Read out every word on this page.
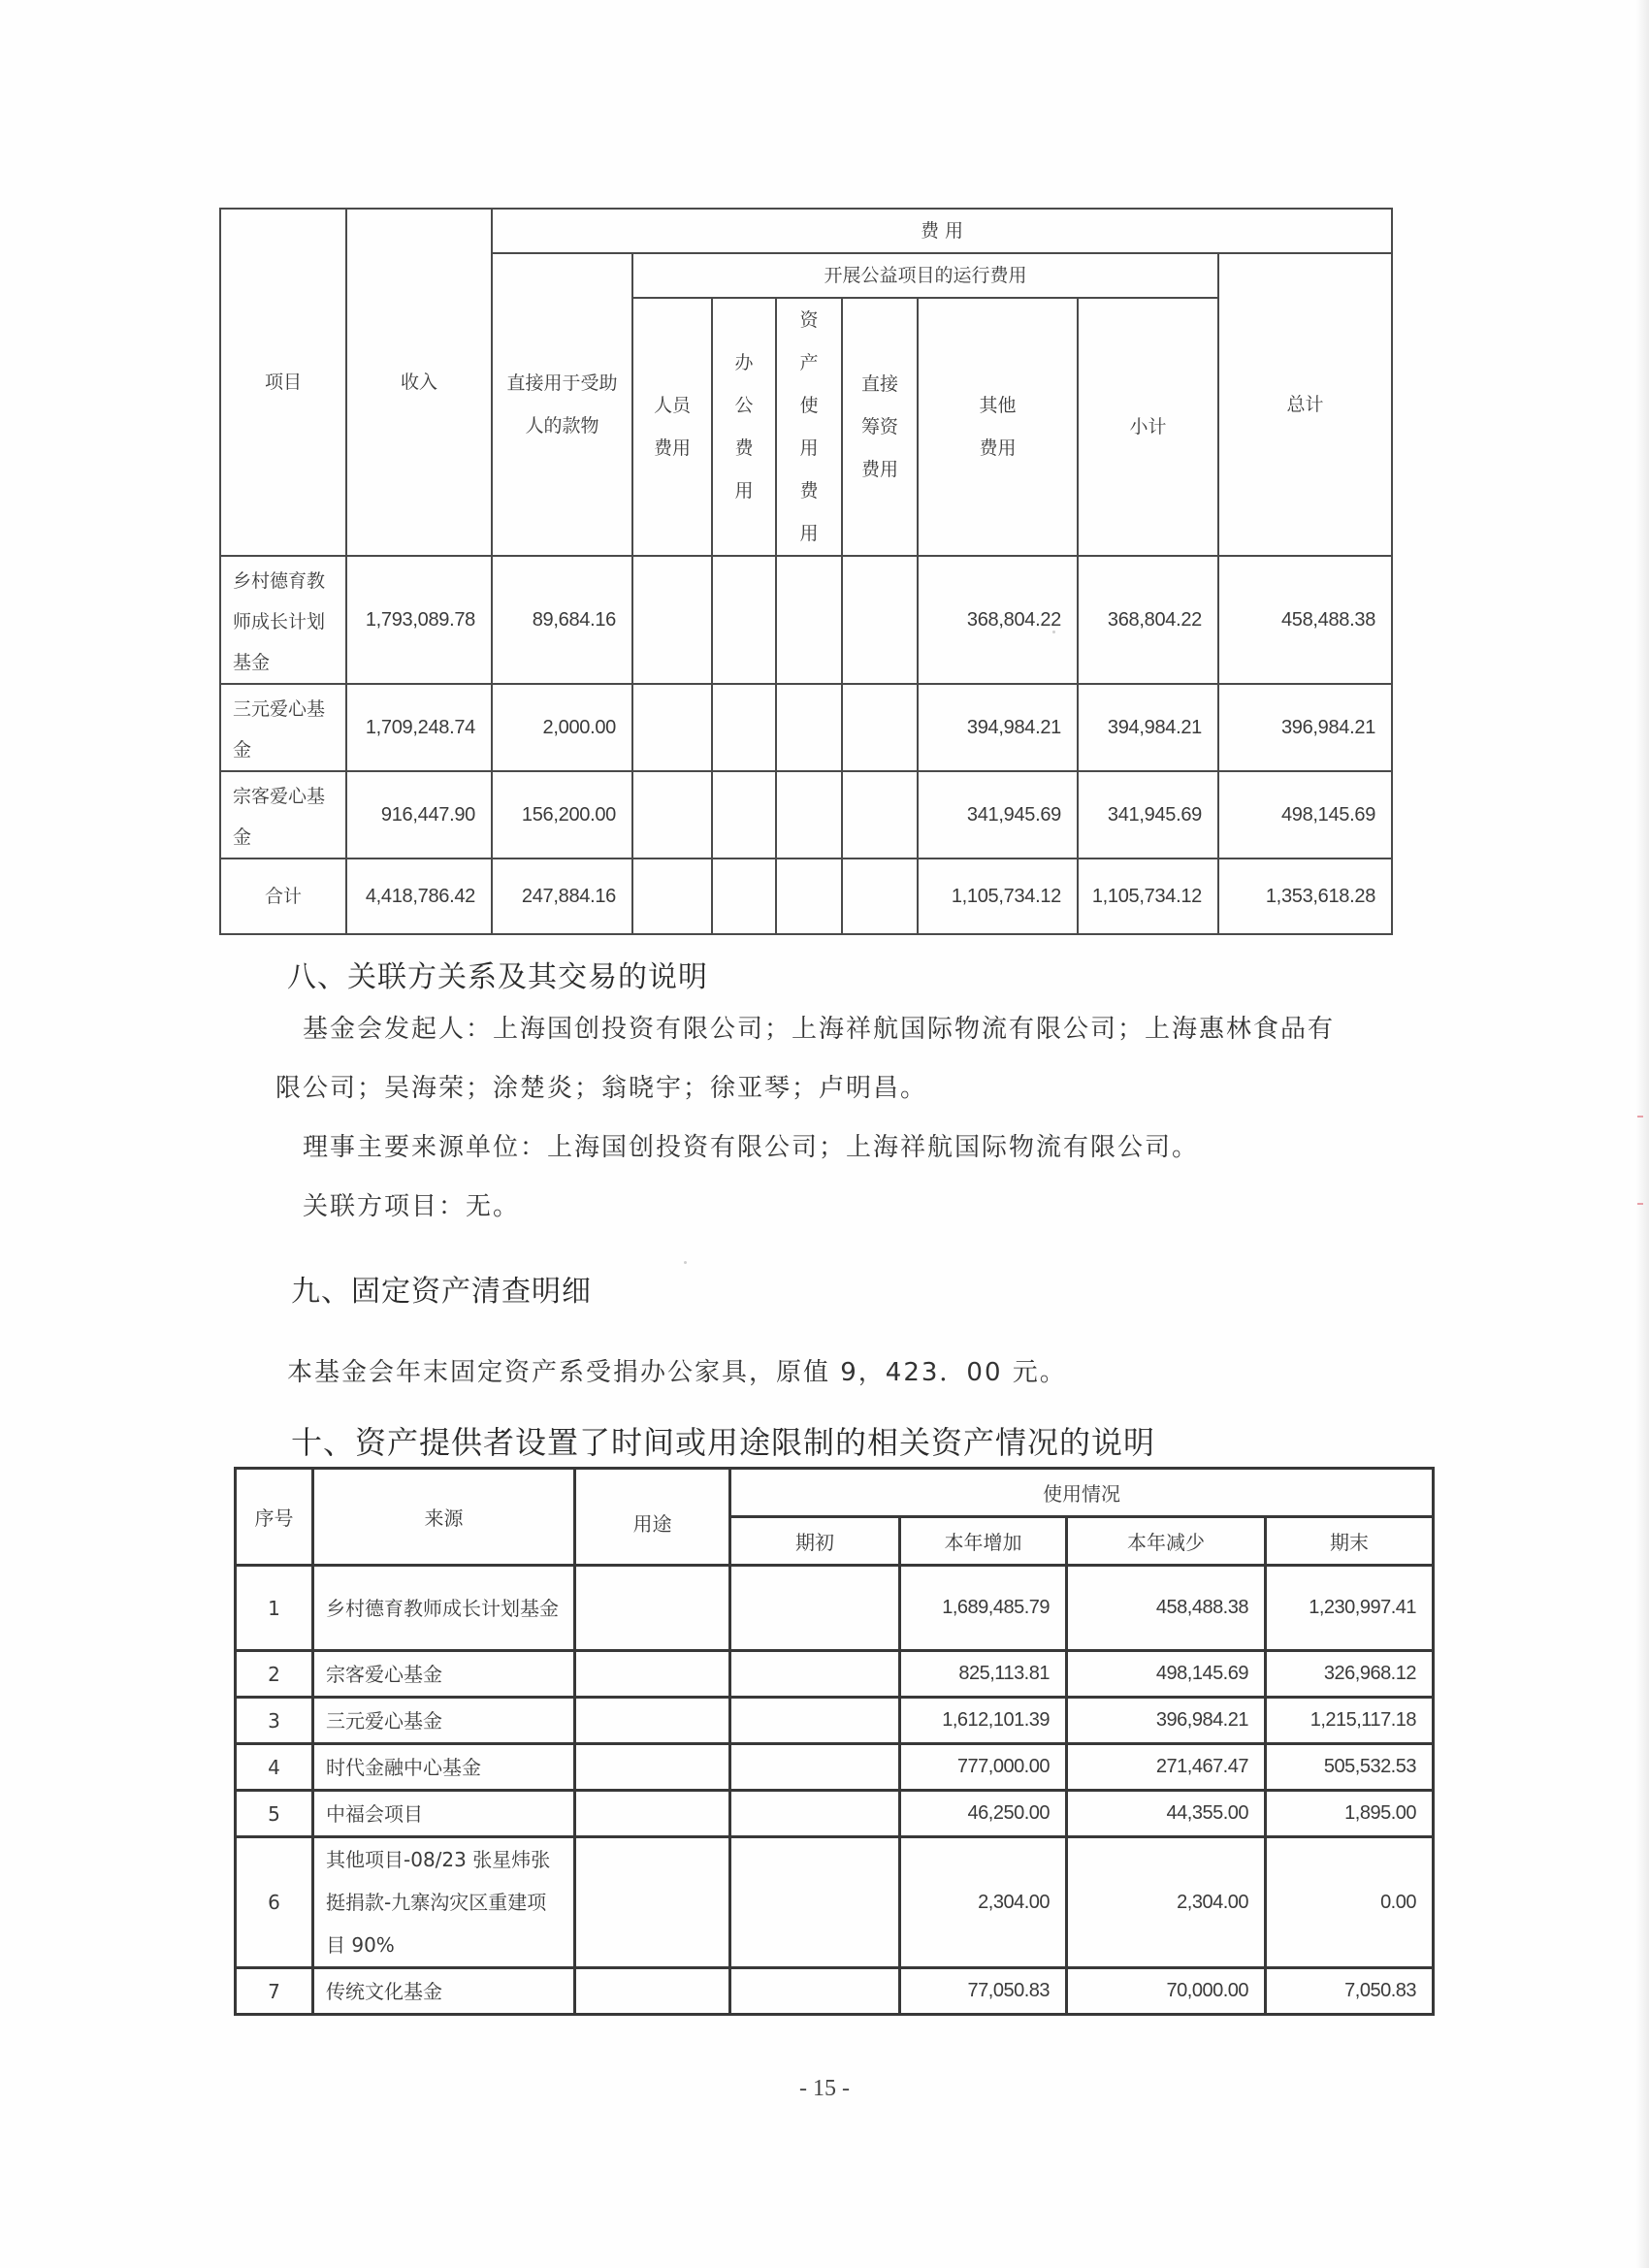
项目	收入	费 用							
		直接用于受助人的款物	开展公益项目的运行费用						总计
			人员费用	办公费用	资产使用费用	直接筹资费用	其他费用	小计	
乡村德育教师成长计划基金	1,793,089.78	89,684.16					368,804.22	368,804.22	458,488.38
三元爱心基金	1,709,248.74	2,000.00					394,984.21	394,984.21	396,984.21
宗客爱心基金	916,447.90	156,200.00					341,945.69	341,945.69	498,145.69
合计	4,418,786.42	247,884.16					1,105,734.12	1,105,734.12	1,353,618.28
八、关联方关系及其交易的说明
基金会发起人：上海国创投资有限公司；上海祥航国际物流有限公司；上海惠林食品有
限公司；吴海荣；涂楚炎；翁晓宇；徐亚琴；卢明昌。
理事主要来源单位：上海国创投资有限公司；上海祥航国际物流有限公司。
关联方项目：无。
九、固定资产清查明细
本基金会年末固定资产系受捐办公家具，原值 9，423．00 元。
十、资产提供者设置了时间或用途限制的相关资产情况的说明
序号	来源	用途	使用情况			
			期初	本年增加	本年减少	期末
1	乡村德育教师成长计划基金			1,689,485.79	458,488.38	1,230,997.41
2	宗客爱心基金			825,113.81	498,145.69	326,968.12
3	三元爱心基金			1,612,101.39	396,984.21	1,215,117.18
4	时代金融中心基金			777,000.00	271,467.47	505,532.53
5	中福会项目			46,250.00	44,355.00	1,895.00
6	其他项目-08/23 张星炜张挺捐款-九寨沟灾区重建项目 90%			2,304.00	2,304.00	0.00
7	传统文化基金			77,050.83	70,000.00	7,050.83
- 15 -
